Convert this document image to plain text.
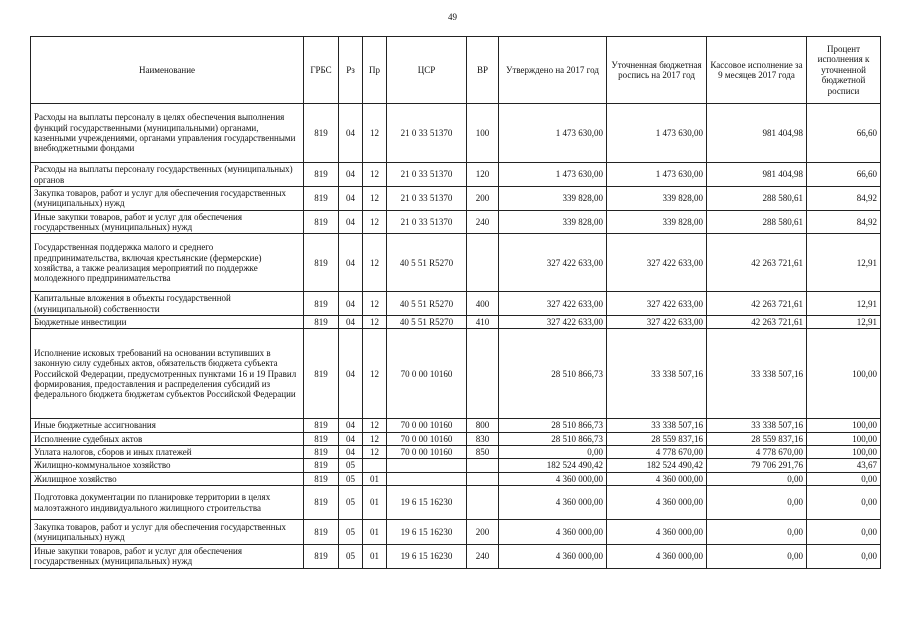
49
Наименование	ГРБС	Рз	Пр	ЦСР	ВР	Утверждено на 2017 год	Уточненная бюджетная роспись на 2017 год	Кассовое исполнение за 9 месяцев 2017 года	Процент исполнения к уточненной бюджетной росписи
Расходы на выплаты персоналу в целях обеспечения выполнения функций государственными (муниципальными) органами, казенными учреждениями, органами управления государственными внебюджетными фондами	819	04	12	21 0 33 51370	100	1 473 630,00	1 473 630,00	981 404,98	66,60
Расходы на выплаты персоналу государственных (муниципальных) органов	819	04	12	21 0 33 51370	120	1 473 630,00	1 473 630,00	981 404,98	66,60
Закупка товаров, работ и услуг для обеспечения государственных (муниципальных) нужд	819	04	12	21 0 33 51370	200	339 828,00	339 828,00	288 580,61	84,92
Иные закупки товаров, работ и услуг для обеспечения государственных (муниципальных) нужд	819	04	12	21 0 33 51370	240	339 828,00	339 828,00	288 580,61	84,92
Государственная поддержка малого и среднего предпринимательства, включая крестьянские (фермерские) хозяйства, а также реализация мероприятий по поддержке молодежного предпринимательства	819	04	12	40 5 51 R5270		327 422 633,00	327 422 633,00	42 263 721,61	12,91
Капитальные вложения в объекты государственной (муниципальной) собственности	819	04	12	40 5 51 R5270	400	327 422 633,00	327 422 633,00	42 263 721,61	12,91
Бюджетные инвестиции	819	04	12	40 5 51 R5270	410	327 422 633,00	327 422 633,00	42 263 721,61	12,91
Исполнение исковых требований на основании вступивших в законную силу судебных актов, обязательств бюджета субъекта Российской Федерации, предусмотренных пунктами 16 и 19 Правил формирования, предоставления и распределения субсидий из федерального бюджета бюджетам субъектов Российской Федерации	819	04	12	70 0 00 10160		28 510 866,73	33 338 507,16	33 338 507,16	100,00
Иные бюджетные ассигнования	819	04	12	70 0 00 10160	800	28 510 866,73	33 338 507,16	33 338 507,16	100,00
Исполнение судебных актов	819	04	12	70 0 00 10160	830	28 510 866,73	28 559 837,16	28 559 837,16	100,00
Уплата налогов, сборов и иных платежей	819	04	12	70 0 00 10160	850	0,00	4 778 670,00	4 778 670,00	100,00
Жилищно-коммунальное хозяйство	819	05				182 524 490,42	182 524 490,42	79 706 291,76	43,67
Жилищное хозяйство	819	05	01			4 360 000,00	4 360 000,00	0,00	0,00
Подготовка документации по планировке территории в целях малоэтажного индивидуального жилищного строительства	819	05	01	19 6 15 16230		4 360 000,00	4 360 000,00	0,00	0,00
Закупка товаров, работ и услуг для обеспечения государственных (муниципальных) нужд	819	05	01	19 6 15 16230	200	4 360 000,00	4 360 000,00	0,00	0,00
Иные закупки товаров, работ и услуг для обеспечения государственных (муниципальных) нужд	819	05	01	19 6 15 16230	240	4 360 000,00	4 360 000,00	0,00	0,00
